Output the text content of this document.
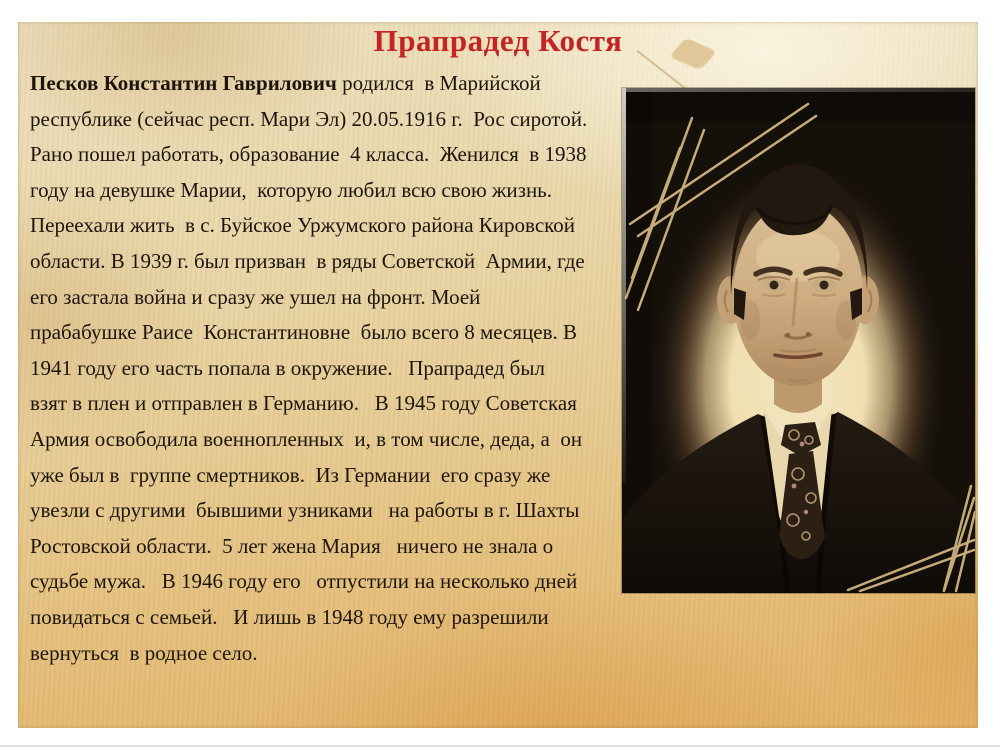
Прапрадед Костя
Песков Константин Гаврилович родился  в Марийской
республике (сейчас респ. Мари Эл) 20.05.1916 г.  Рос сиротой.
Рано пошел работать, образование  4 класса.  Женился  в 1938
году на девушке Марии,  которую любил всю свою жизнь.
Переехали жить  в с. Буйское Уржумского района Кировской
области. В 1939 г. был призван  в ряды Советской  Армии, где
его застала война и сразу же ушел на фронт. Моей
прабабушке Раисе  Константиновне  было всего 8 месяцев. В
1941 году его часть попала в окружение.   Прапрадед был
взят в плен и отправлен в Германию.   В 1945 году Советская
Армия освободила военнопленных  и, в том числе, деда, а  он
уже был в  группе смертников.  Из Германии  его сразу же
увезли с другими  бывшими узниками   на работы в г. Шахты
Ростовской области.  5 лет жена Мария   ничего не знала о
судьбе мужа.   В 1946 году его   отпустили на несколько дней
повидаться с семьей.   И лишь в 1948 году ему разрешили
вернуться  в родное село.
